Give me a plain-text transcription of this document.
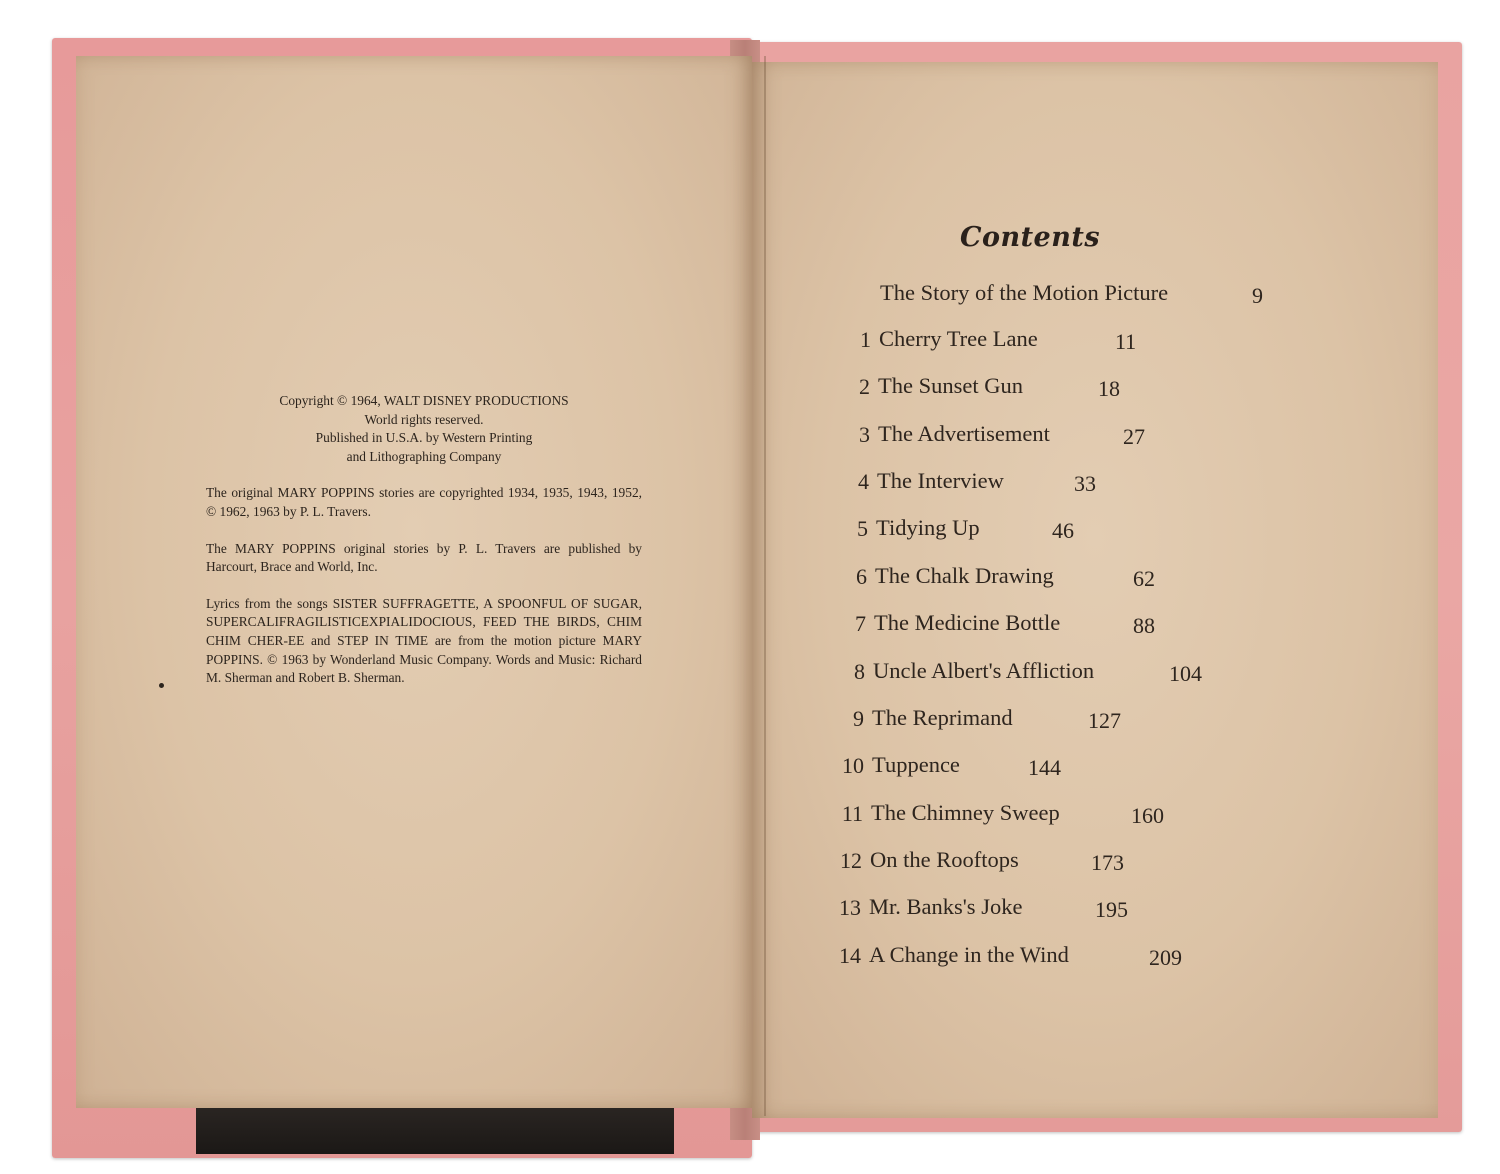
Copyright © 1964, WALT DISNEY PRODUCTIONS
World rights reserved.
Published in U.S.A. by Western Printing
and Lithographing Company

The original MARY POPPINS stories are copyrighted 1934, 1935, 1943, 1952, © 1962, 1963 by P. L. Travers.

The MARY POPPINS original stories by P. L. Travers are published by Harcourt, Brace and World, Inc.

Lyrics from the songs SISTER SUFFRAGETTE, A SPOONFUL OF SUGAR, SUPERCALIFRAGILISTICEXPIALIDOCIOUS, FEED THE BIRDS, CHIM CHIM CHER-EE and STEP IN TIME are from the motion picture MARY POPPINS. © 1963 by Wonderland Music Company. Words and Music: Richard M. Sherman and Robert B. Sherman.

Contents
The Story of the Motion Picture	9
1 Cherry Tree Lane	11
2 The Sunset Gun	18
3 The Advertisement	27
4 The Interview	33
5 Tidying Up	46
6 The Chalk Drawing	62
7 The Medicine Bottle	88
8 Uncle Albert's Affliction	104
9 The Reprimand	127
10 Tuppence	144
11 The Chimney Sweep	160
12 On the Rooftops	173
13 Mr. Banks's Joke	195
14 A Change in the Wind	209
